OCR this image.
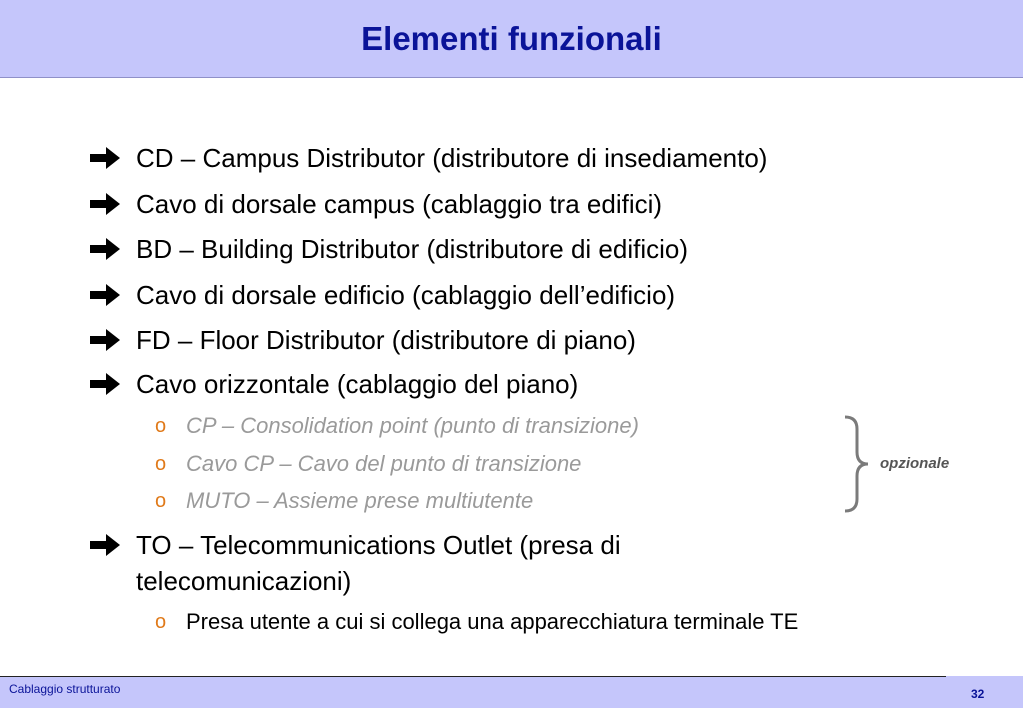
Elementi funzionali
CD – Campus Distributor (distributore di insediamento)
Cavo di dorsale campus (cablaggio tra edifici)
BD – Building Distributor (distributore di edificio)
Cavo di dorsale edificio (cablaggio dell’edificio)
FD – Floor Distributor (distributore di piano)
Cavo orizzontale (cablaggio del piano)
o CP – Consolidation point (punto di transizione)
o Cavo CP – Cavo del punto di transizione
o MUTO – Assieme prese multiutente
opzionale
TO – Telecommunications Outlet (presa di
telecomunicazioni)
o Presa utente a cui si collega una apparecchiatura terminale TE
Cablaggio strutturato	32
